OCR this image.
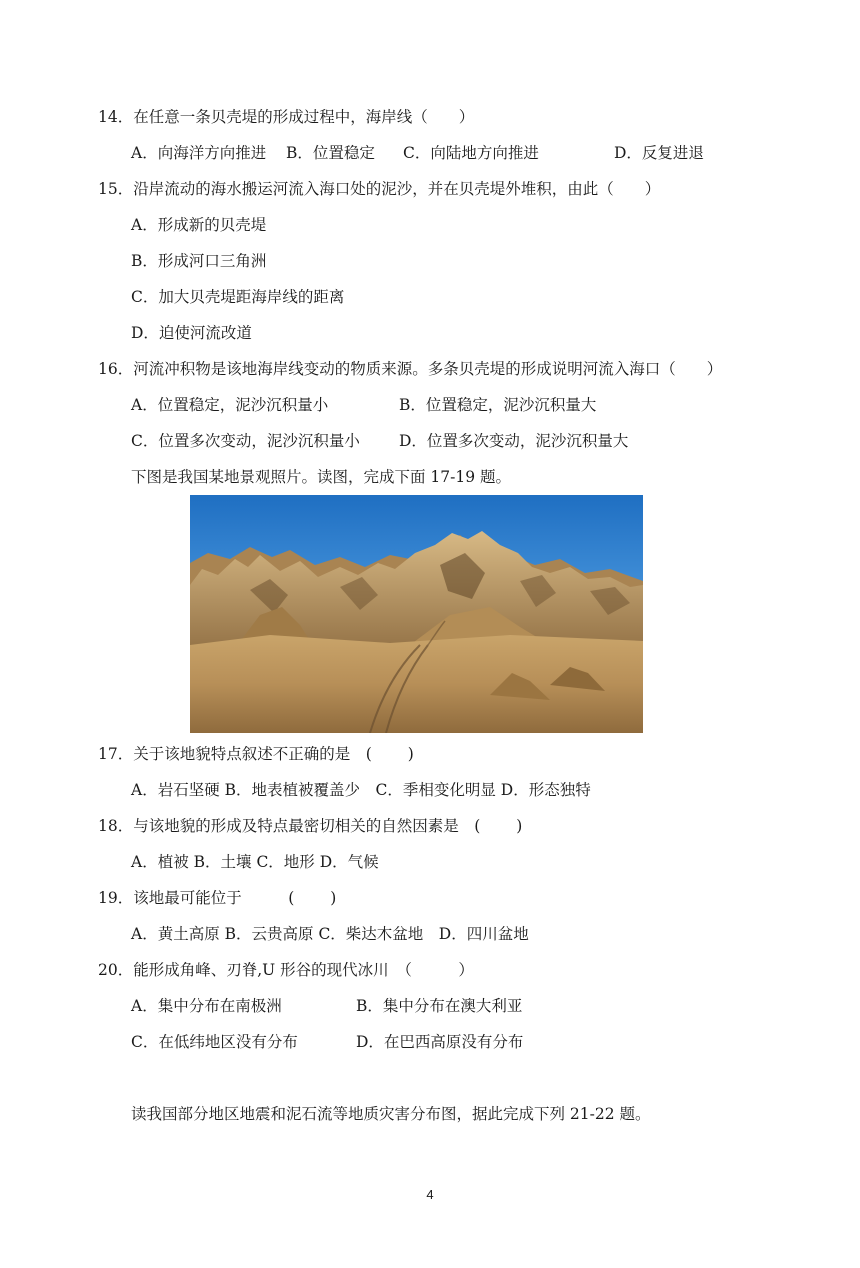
14．在任意一条贝壳堤的形成过程中，海岸线（　　）
A．向海洋方向推进 B．位置稳定 C．向陆地方向推进	D．反复进退
15．沿岸流动的海水搬运河流入海口处的泥沙，并在贝壳堤外堆积，由此（　　）
A．形成新的贝壳堤
B．形成河口三角洲
C．加大贝壳堤距海岸线的距离
D．迫使河流改道
16．河流冲积物是该地海岸线变动的物质来源。多条贝壳堤的形成说明河流入海口（　　）
A．位置稳定，泥沙沉积量小	B．位置稳定，泥沙沉积量大
C．位置多次变动，泥沙沉积量小	D．位置多次变动，泥沙沉积量大
下图是我国某地景观照片。读图，完成下面 17-19 题。
17．关于该地貌特点叙述不正确的是　(　　 )
A．岩石坚硬 B．地表植被覆盖少　C．季相变化明显 D．形态独特
18．与该地貌的形成及特点最密切相关的自然因素是　(　　 )
A．植被 B．土壤 C．地形 D．气候
19．该地最可能位于　　　(　　 )
A．黄土高原 B．云贵高原 C．柴达木盆地　D．四川盆地
20．能形成角峰、刃脊,U 形谷的现代冰川　（　　　）
A．集中分布在南极洲	B．集中分布在澳大利亚
C．在低纬地区没有分布	D．在巴西高原没有分布
读我国部分地区地震和泥石流等地质灾害分布图，据此完成下列 21-22 题。
4
